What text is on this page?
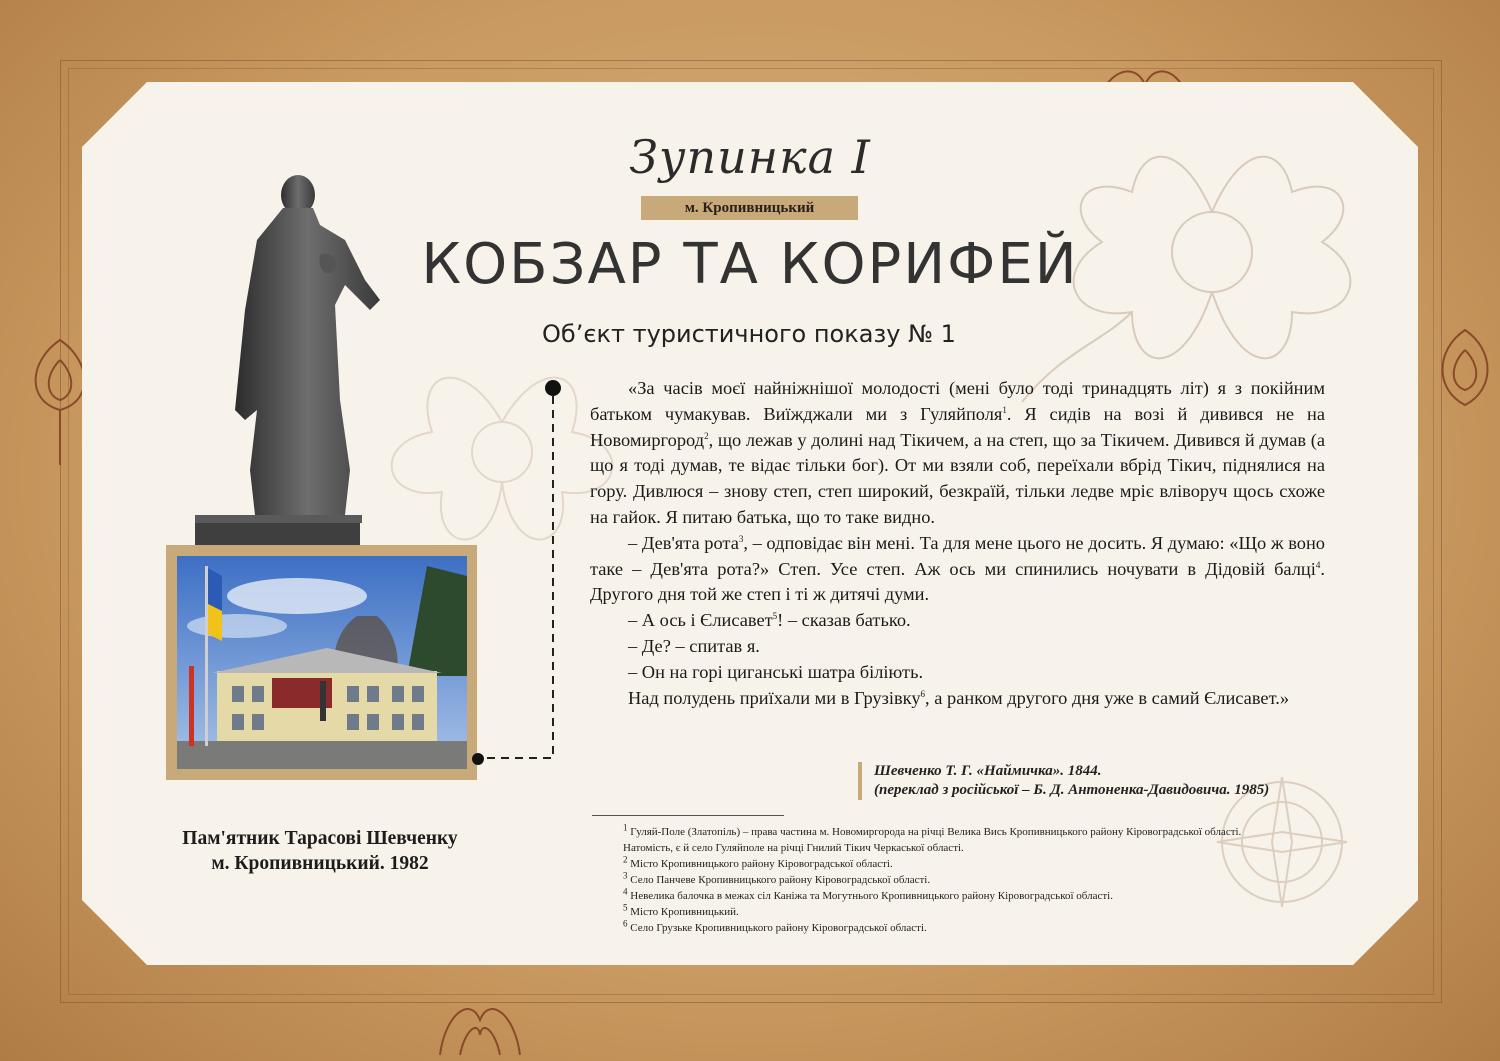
Зупинка І
м. Кропивницький
КОБЗАР ТА КОРИФЕЙ
Об’єкт туристичного показу № 1

«За часів моєї найніжнішої молодості (мені було тоді тринадцять літ) я з покійним батьком чумакував. Виїжджали ми з Гуляйполя$^1$. Я сидів на возі й дивився не на Новомиргород$^2$, що лежав у долині над Тікичем, а на степ, що за Тікичем. Дивився й думав (а що я тоді думав, те відає тільки бог). От ми взяли соб, переїхали вбрід Тікич, піднялися на гору. Дивлюся – знову степ, степ широкий, безкраїй, тільки ледве мріє вліворуч щось схоже на гайок. Я питаю батька, що то таке видно.

– Дев'ята рота$^3$, – одповідає він мені. Та для мене цього не досить. Я думаю: «Що ж воно таке – Дев'ята рота?» Степ. Усе степ. Аж ось ми спинились ночувати в Дідовій балці$^4$. Другого дня той же степ і ті ж дитячі думи.

– А ось і Єлисавет$^5$! – сказав батько.

– Де? – спитав я.

– Он на горі циганські шатра біліють.

Над полудень приїхали ми в Грузівку$^6$, а ранком другого дня уже в самий Єлисавет.»

Шевченко Т. Г. «Наймичка». 1844.
(переклад з російської – Б. Д. Антоненка-Давидовича. 1985)
$^1$ Гуляй-Поле (Златопіль) – права частина м. Новомиргорода на річці Велика Вись Кропивницького району Кіровоградської області.
Натомість, є й село Гуляйполе на річці Гнилий Тікич Черкаської області.
$^2$ Місто Кропивницького району Кіровоградської області.
$^3$ Село Панчеве Кропивницького району Кіровоградської області.
$^4$ Невелика балочка в межах сіл Каніжа та Могутнього Кропивницького району Кіровоградської області.
$^5$ Місто Кропивницький.
$^6$ Село Грузьке Кропивницького району Кіровоградської області.
Пам'ятник Тарасові Шевченку
м. Кропивницький. 1982
